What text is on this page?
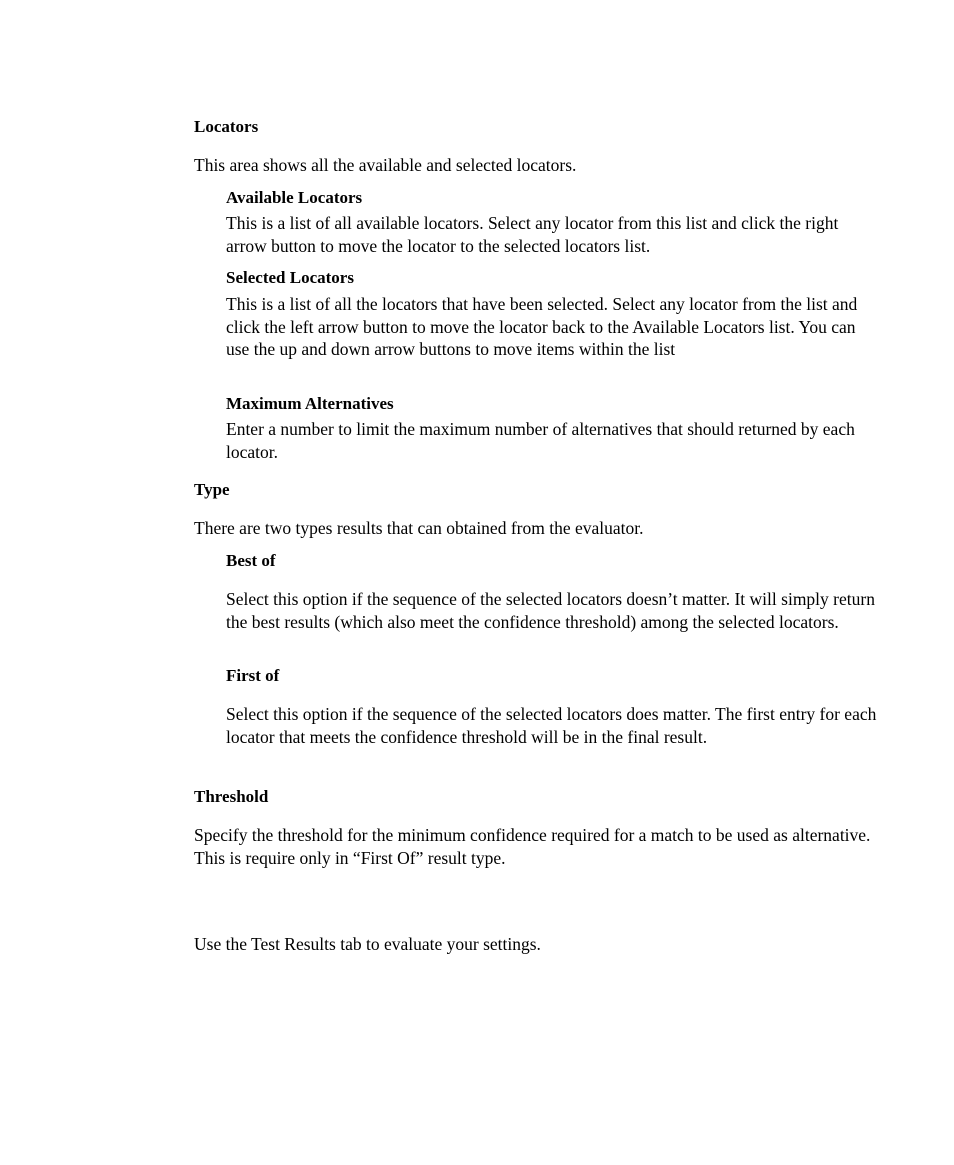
Locators

This area shows all the available and selected locators.

Available Locators

This is a list of all available locators. Select any locator from this list and click the right arrow button to move the locator to the selected locators list.

Selected Locators

This is a list of all the locators that have been selected. Select any locator from the list and click the left arrow button to move the locator back to the Available Locators list. You can use the up and down arrow buttons to move items within the list

Maximum Alternatives

Enter a number to limit the maximum number of alternatives that should returned by each locator.

Type

There are two types results that can obtained from the evaluator.

Best of

Select this option if the sequence of the selected locators doesn’t matter. It will simply return the best results (which also meet the confidence threshold) among the selected locators.

First of

Select this option if the sequence of the selected locators does matter. The first entry for each locator that meets the confidence threshold will be in the final result.

Threshold

Specify the threshold for the minimum confidence required for a match to be used as alternative. This is require only in “First Of” result type.

Use the Test Results tab to evaluate your settings.
